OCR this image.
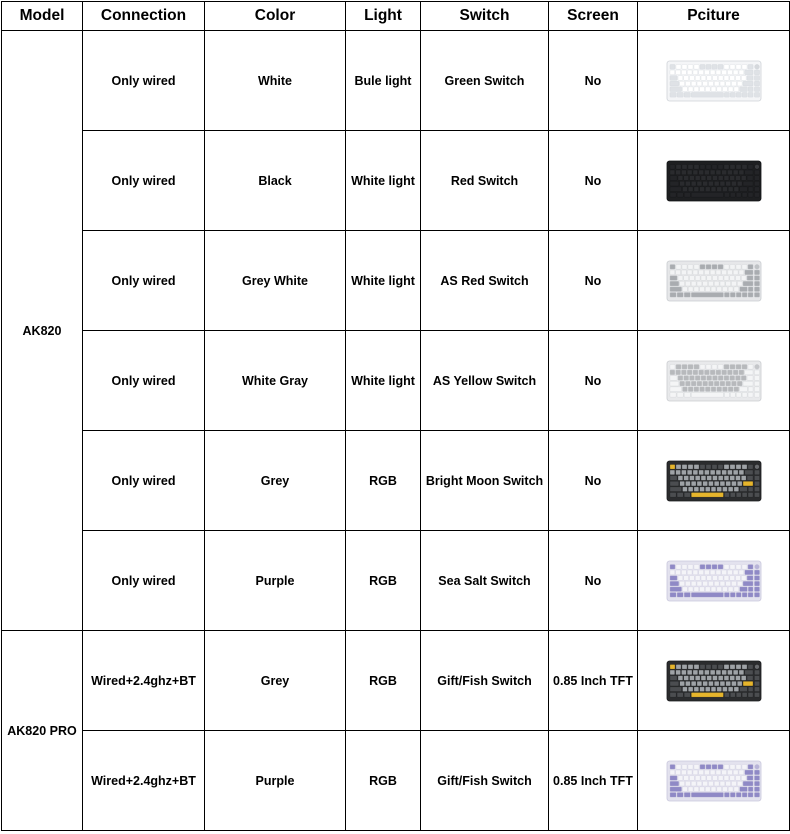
Model	Connection	Color	Light	Switch	Screen	Pciture
AK820	Only wired	White	Bule light	Green Switch	No	

	Only wired	Black	White light	Red Switch	No	

	Only wired	Grey White	White light	AS Red Switch	No	

	Only wired	White Gray	White light	AS Yellow Switch	No	

	Only wired	Grey	RGB	Bright Moon Switch	No	

	Only wired	Purple	RGB	Sea Salt Switch	No	

AK820 PRO	Wired+2.4ghz+BT	Grey	RGB	Gift/Fish Switch	0.85 Inch TFT	

	Wired+2.4ghz+BT	Purple	RGB	Gift/Fish Switch	0.85 Inch TFT	
